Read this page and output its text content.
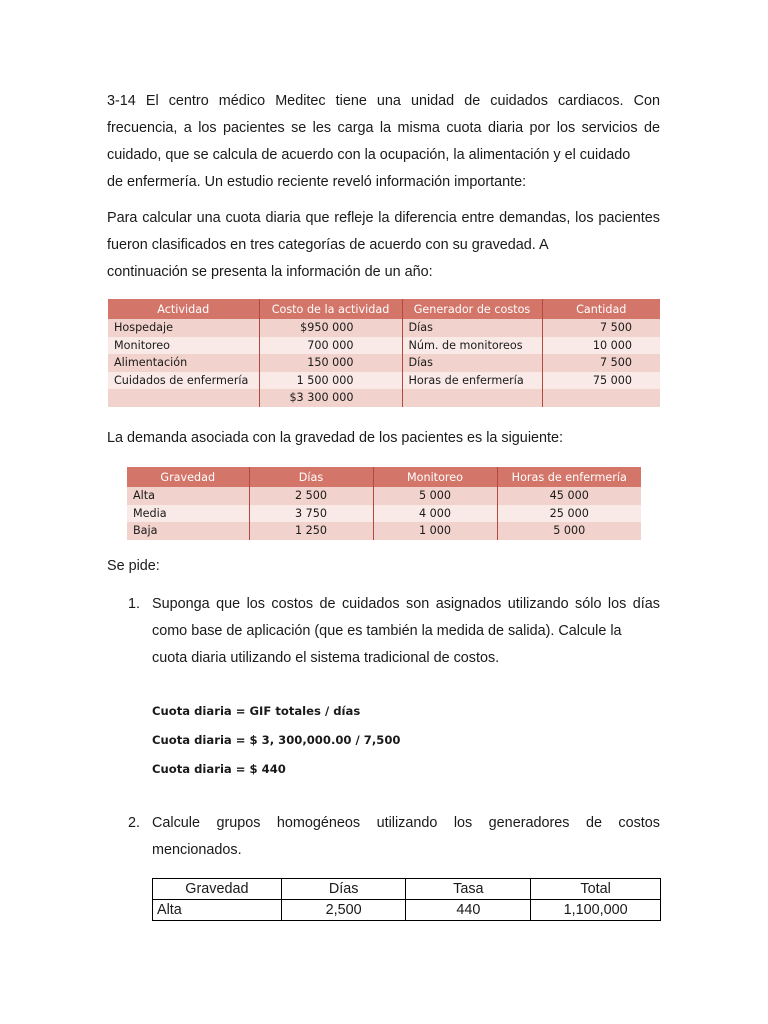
3-14 El centro médico Meditec tiene una unidad de cuidados cardiacos. Con frecuencia, a los pacientes se les carga la misma cuota diaria por los servicios de cuidado, que se calcula de acuerdo con la ocupación, la alimentación y el cuidado
de enfermería. Un estudio reciente reveló información importante:

Para calcular una cuota diaria que refleje la diferencia entre demandas, los pacientes fueron clasificados en tres categorías de acuerdo con su gravedad. A
continuación se presenta la información de un año:

Actividad	Costo de la actividad	Generador de costos	Cantidad
Hospedaje	$950 000	Días	7 500
Monitoreo	700 000	Núm. de monitoreos	10 000
Alimentación	150 000	Días	7 500
Cuidados de enfermería	1 500 000	Horas de enfermería	75 000
	$3 300 000		
La demanda asociada con la gravedad de los pacientes es la siguiente:
Gravedad	Días	Monitoreo	Horas de enfermería
Alta	2 500	5 000	45 000
Media	3 750	4 000	25 000
Baja	1 250	1 000	5 000
Se pide:
1. Suponga que los costos de cuidados son asignados utilizando sólo los días como base de aplicación (que es también la medida de salida). Calcule la
cuota diaria utilizando el sistema tradicional de costos.
Cuota diaria = GIF totales / días
Cuota diaria = $ 3, 300,000.00 / 7,500
Cuota diaria = $ 440
2. Calcule grupos homogéneos utilizando los generadores de costos
mencionados.
Gravedad	Días	Tasa	Total
Alta	2,500	440	1,100,000
